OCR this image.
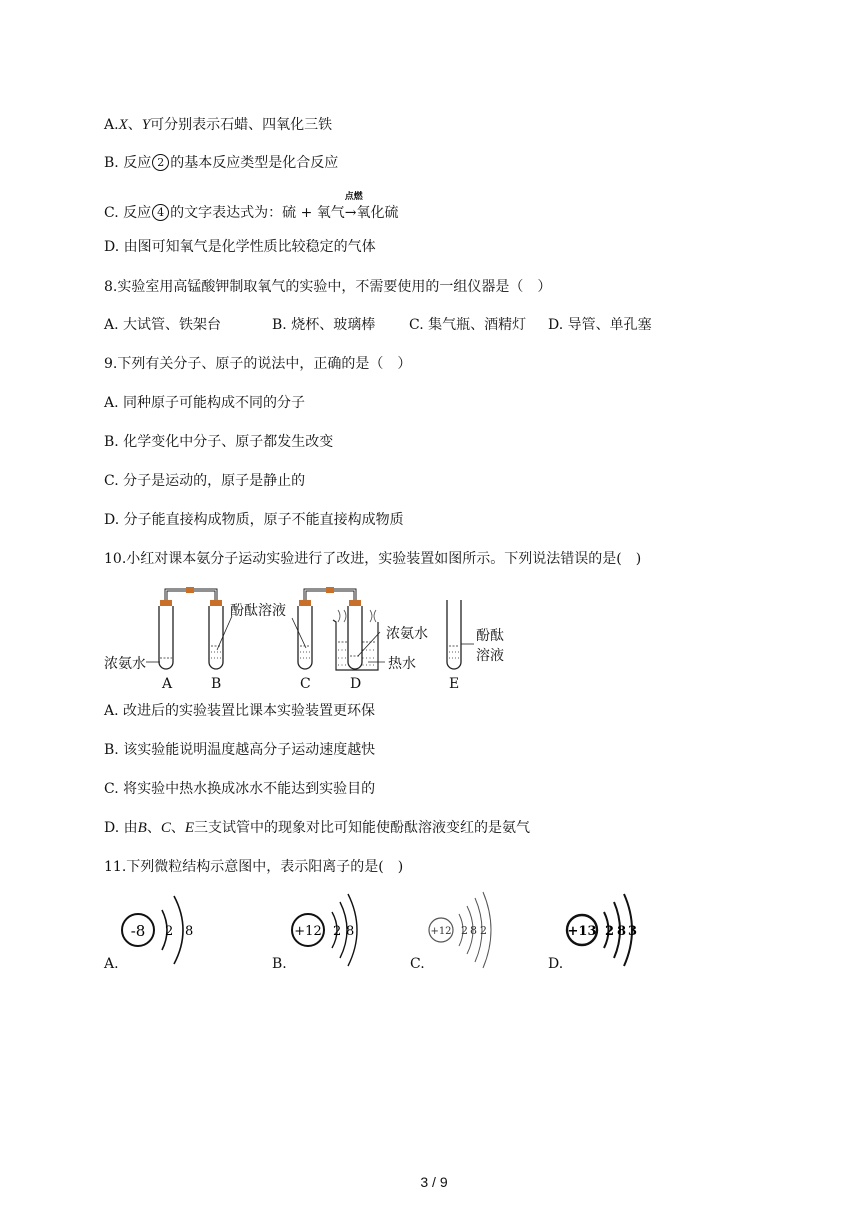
A.X、Y可分别表示石蜡、四氧化三铁
B. 反应 2 的基本反应类型是化合反应
C. 反应 4 的文字表达式为：硫 + 氧气
点燃
→氧化硫
D. 由图可知氧气是化学性质比较稳定的气体
8.实验室用高锰酸钾制取氧气的实验中，不需要使用的一组仪器是（　）
A. 大试管、铁架台	B. 烧杯、玻璃棒 C. 集气瓶、酒精灯 D. 导管、单孔塞
9.下列有关分子、原子的说法中，正确的是（　）
A. 同种原子可能构成不同的分子
B. 化学变化中分子、原子都发生改变
C. 分子是运动的，原子是静止的
D. 分子能直接构成物质，原子不能直接构成物质
10.小红对课本氨分子运动实验进行了改进，实验装置如图所示。下列说法错误的是(　)
酚酞溶液
浓氨水
浓氨水
热水
酚酞
溶液
A	B	C	D	E
A. 改进后的实验装置比课本实验装置更环保
B. 该实验能说明温度越高分子运动速度越快
C. 将实验中热水换成冰水不能达到实验目的
D. 由B、C、E三支试管中的现象对比可知能使酚酞溶液变红的是氨气
11.下列微粒结构示意图中，表示阳离子的是(　)
-8 2 8
A.
+12 2 8
B.
+12 2 8 2
C.
+13 2 8 3
D.
3 / 9
